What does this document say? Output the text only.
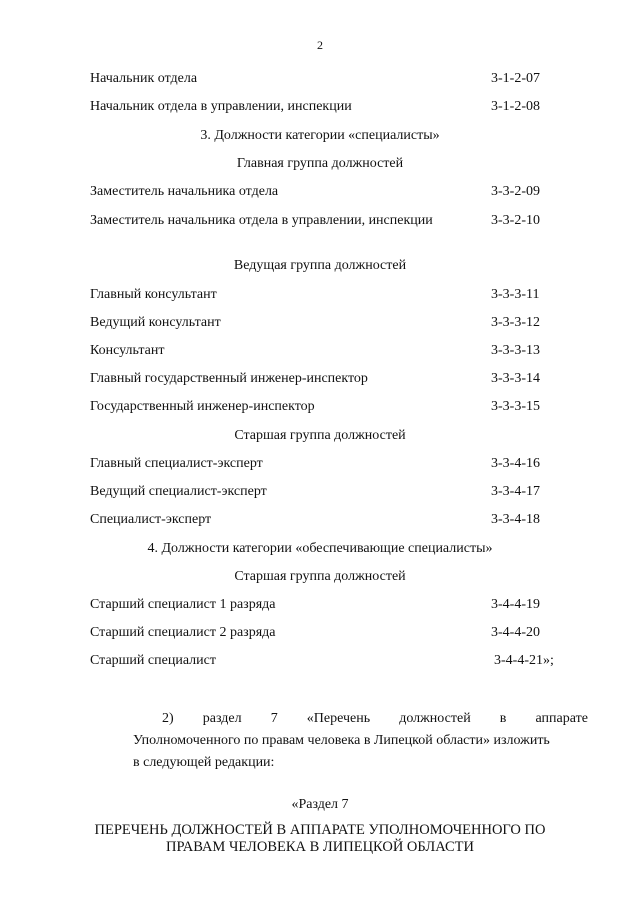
2
Начальник отдела	3-1-2-07
Начальник отдела в управлении, инспекции	3-1-2-08
3. Должности категории «специалисты»
Главная группа должностей
Заместитель начальника отдела	3-3-2-09
Заместитель начальника отдела в управлении, инспекции	3-3-2-10
Ведущая группа должностей
Главный консультант	3-3-3-11
Ведущий консультант	3-3-3-12
Консультант	3-3-3-13
Главный государственный инженер-инспектор	3-3-3-14
Государственный инженер-инспектор	3-3-3-15
Старшая группа должностей
Главный специалист-эксперт	3-3-4-16
Ведущий специалист-эксперт	3-3-4-17
Специалист-эксперт	3-3-4-18
4. Должности категории «обеспечивающие специалисты»
Старшая группа должностей
Старший специалист 1 разряда	3-4-4-19
Старший специалист 2 разряда	3-4-4-20
Старший специалист	3-4-4-21»;
2) раздел 7 «Перечень должностей в аппарате
Уполномоченного по правам человека в Липецкой области» изложить
в следующей редакции:
«Раздел 7
ПЕРЕЧЕНЬ ДОЛЖНОСТЕЙ В АППАРАТЕ УПОЛНОМОЧЕННОГО ПО
ПРАВАМ ЧЕЛОВЕКА В ЛИПЕЦКОЙ ОБЛАСТИ
